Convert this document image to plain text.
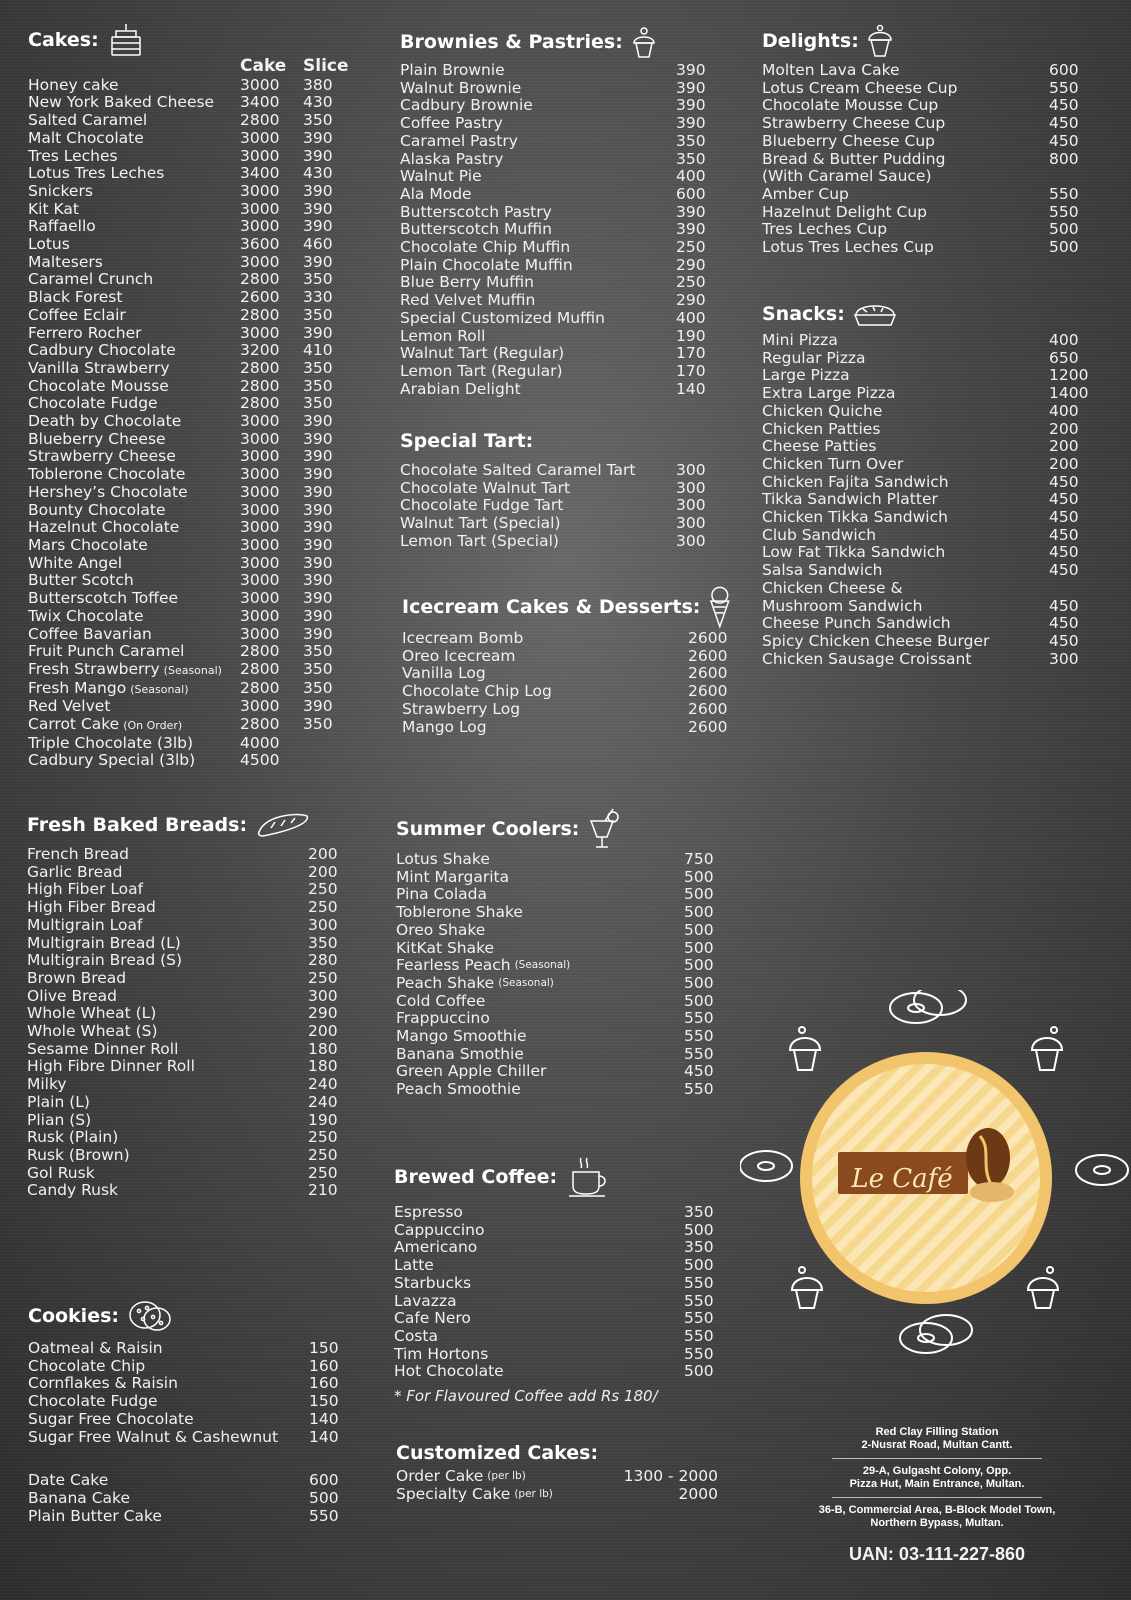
Cakes:
Cake Slice
Honey cake	3000	380
New York Baked Cheese	3400	430
Salted Caramel	2800	350
Malt Chocolate	3000	390
Tres Leches	3000	390
Lotus Tres Leches	3400	430
Snickers	3000	390
Kit Kat	3000	390
Raffaello	3000	390
Lotus	3600	460
Maltesers	3000	390
Caramel Crunch	2800	350
Black Forest	2600	330
Coffee Eclair	2800	350
Ferrero Rocher	3000	390
Cadbury Chocolate	3200	410
Vanilla Strawberry	2800	350
Chocolate Mousse	2800	350
Chocolate Fudge	2800	350
Death by Chocolate	3000	390
Blueberry Cheese	3000	390
Strawberry Cheese	3000	390
Toblerone Chocolate	3000	390
Hershey’s Chocolate	3000	390
Bounty Chocolate	3000	390
Hazelnut Chocolate	3000	390
Mars Chocolate	3000	390
White Angel	3000	390
Butter Scotch	3000	390
Butterscotch Toffee	3000	390
Twix Chocolate	3000	390
Coffee Bavarian	3000	390
Fruit Punch Caramel	2800	350
Fresh Strawberry (Seasonal)	2800	350
Fresh Mango (Seasonal)	2800	350
Red Velvet	3000	390
Carrot Cake (On Order)	2800	350
Triple Chocolate (3lb)	4000
Cadbury Special (3lb)	4500
Brownies & Pastries:
Plain Brownie	390
Walnut Brownie	390
Cadbury Brownie	390
Coffee Pastry	390
Caramel Pastry	350
Alaska Pastry	350
Walnut Pie	400
Ala Mode	600
Butterscotch Pastry	390
Butterscotch Muffin	390
Chocolate Chip Muffin	250
Plain Chocolate Muffin	290
Blue Berry Muffin	250
Red Velvet Muffin	290
Special Customized Muffin	400
Lemon Roll	190
Walnut Tart (Regular)	170
Lemon Tart (Regular)	170
Arabian Delight	140
Special Tart:
Chocolate Salted Caramel Tart	300
Chocolate Walnut Tart	300
Chocolate Fudge Tart	300
Walnut Tart (Special)	300
Lemon Tart (Special)	300
Icecream Cakes & Desserts:
Icecream Bomb	2600
Oreo Icecream	2600
Vanilla Log	2600
Chocolate Chip Log	2600
Strawberry Log	2600
Mango Log	2600
Delights:
Molten Lava Cake	600
Lotus Cream Cheese Cup	550
Chocolate Mousse Cup	450
Strawberry Cheese Cup	450
Blueberry Cheese Cup	450
Bread & Butter Pudding	800
(With Caramel Sauce)
Amber Cup	550
Hazelnut Delight Cup	550
Tres Leches Cup	500
Lotus Tres Leches Cup	500
Snacks:
Mini Pizza	400
Regular Pizza	650
Large Pizza	1200
Extra Large Pizza	1400
Chicken Quiche	400
Chicken Patties	200
Cheese Patties	200
Chicken Turn Over	200
Chicken Fajita Sandwich	450
Tikka Sandwich Platter	450
Chicken Tikka Sandwich	450
Club Sandwich	450
Low Fat Tikka Sandwich	450
Salsa Sandwich	450
Chicken Cheese &
Mushroom Sandwich	450
Cheese Punch Sandwich	450
Spicy Chicken Cheese Burger	450
Chicken Sausage Croissant	300
Fresh Baked Breads:
French Bread	200
Garlic Bread	200
High Fiber Loaf	250
High Fiber Bread	250
Multigrain Loaf	300
Multigrain Bread (L)	350
Multigrain Bread (S)	280
Brown Bread	250
Olive Bread	300
Whole Wheat (L)	290
Whole Wheat (S)	200
Sesame Dinner Roll	180
High Fibre Dinner Roll	180
Milky	240
Plain (L)	240
Plian (S)	190
Rusk (Plain)	250
Rusk (Brown)	250
Gol Rusk	250
Candy Rusk	210
Cookies:
Oatmeal & Raisin	150
Chocolate Chip	160
Cornflakes & Raisin	160
Chocolate Fudge	150
Sugar Free Chocolate	140
Sugar Free Walnut & Cashewnut	140
Date Cake	600
Banana Cake	500
Plain Butter Cake	550
Summer Coolers:
Lotus Shake	750
Mint Margarita	500
Pina Colada	500
Toblerone Shake	500
Oreo Shake	500
KitKat Shake	500
Fearless Peach (Seasonal)	500
Peach Shake (Seasonal)	500
Cold Coffee	500
Frappuccino	550
Mango Smoothie	550
Banana Smothie	550
Green Apple Chiller	450
Peach Smoothie	550
Brewed Coffee:
Espresso	350
Cappuccino	500
Americano	350
Latte	500
Starbucks	550
Lavazza	550
Cafe Nero	550
Costa	550
Tim Hortons	550
Hot Chocolate	500
* For Flavoured Coffee add Rs 180/
Customized Cakes:
Order Cake (per lb)	1300 - 2000
Specialty Cake (per lb)	2000
Le Café
Red Clay Filling Station
2-Nusrat Road, Multan Cantt.
29-A, Gulgasht Colony, Opp.
Pizza Hut, Main Entrance, Multan.
36-B, Commercial Area, B-Block Model Town,
Northern Bypass, Multan.
UAN: 03-111-227-860
